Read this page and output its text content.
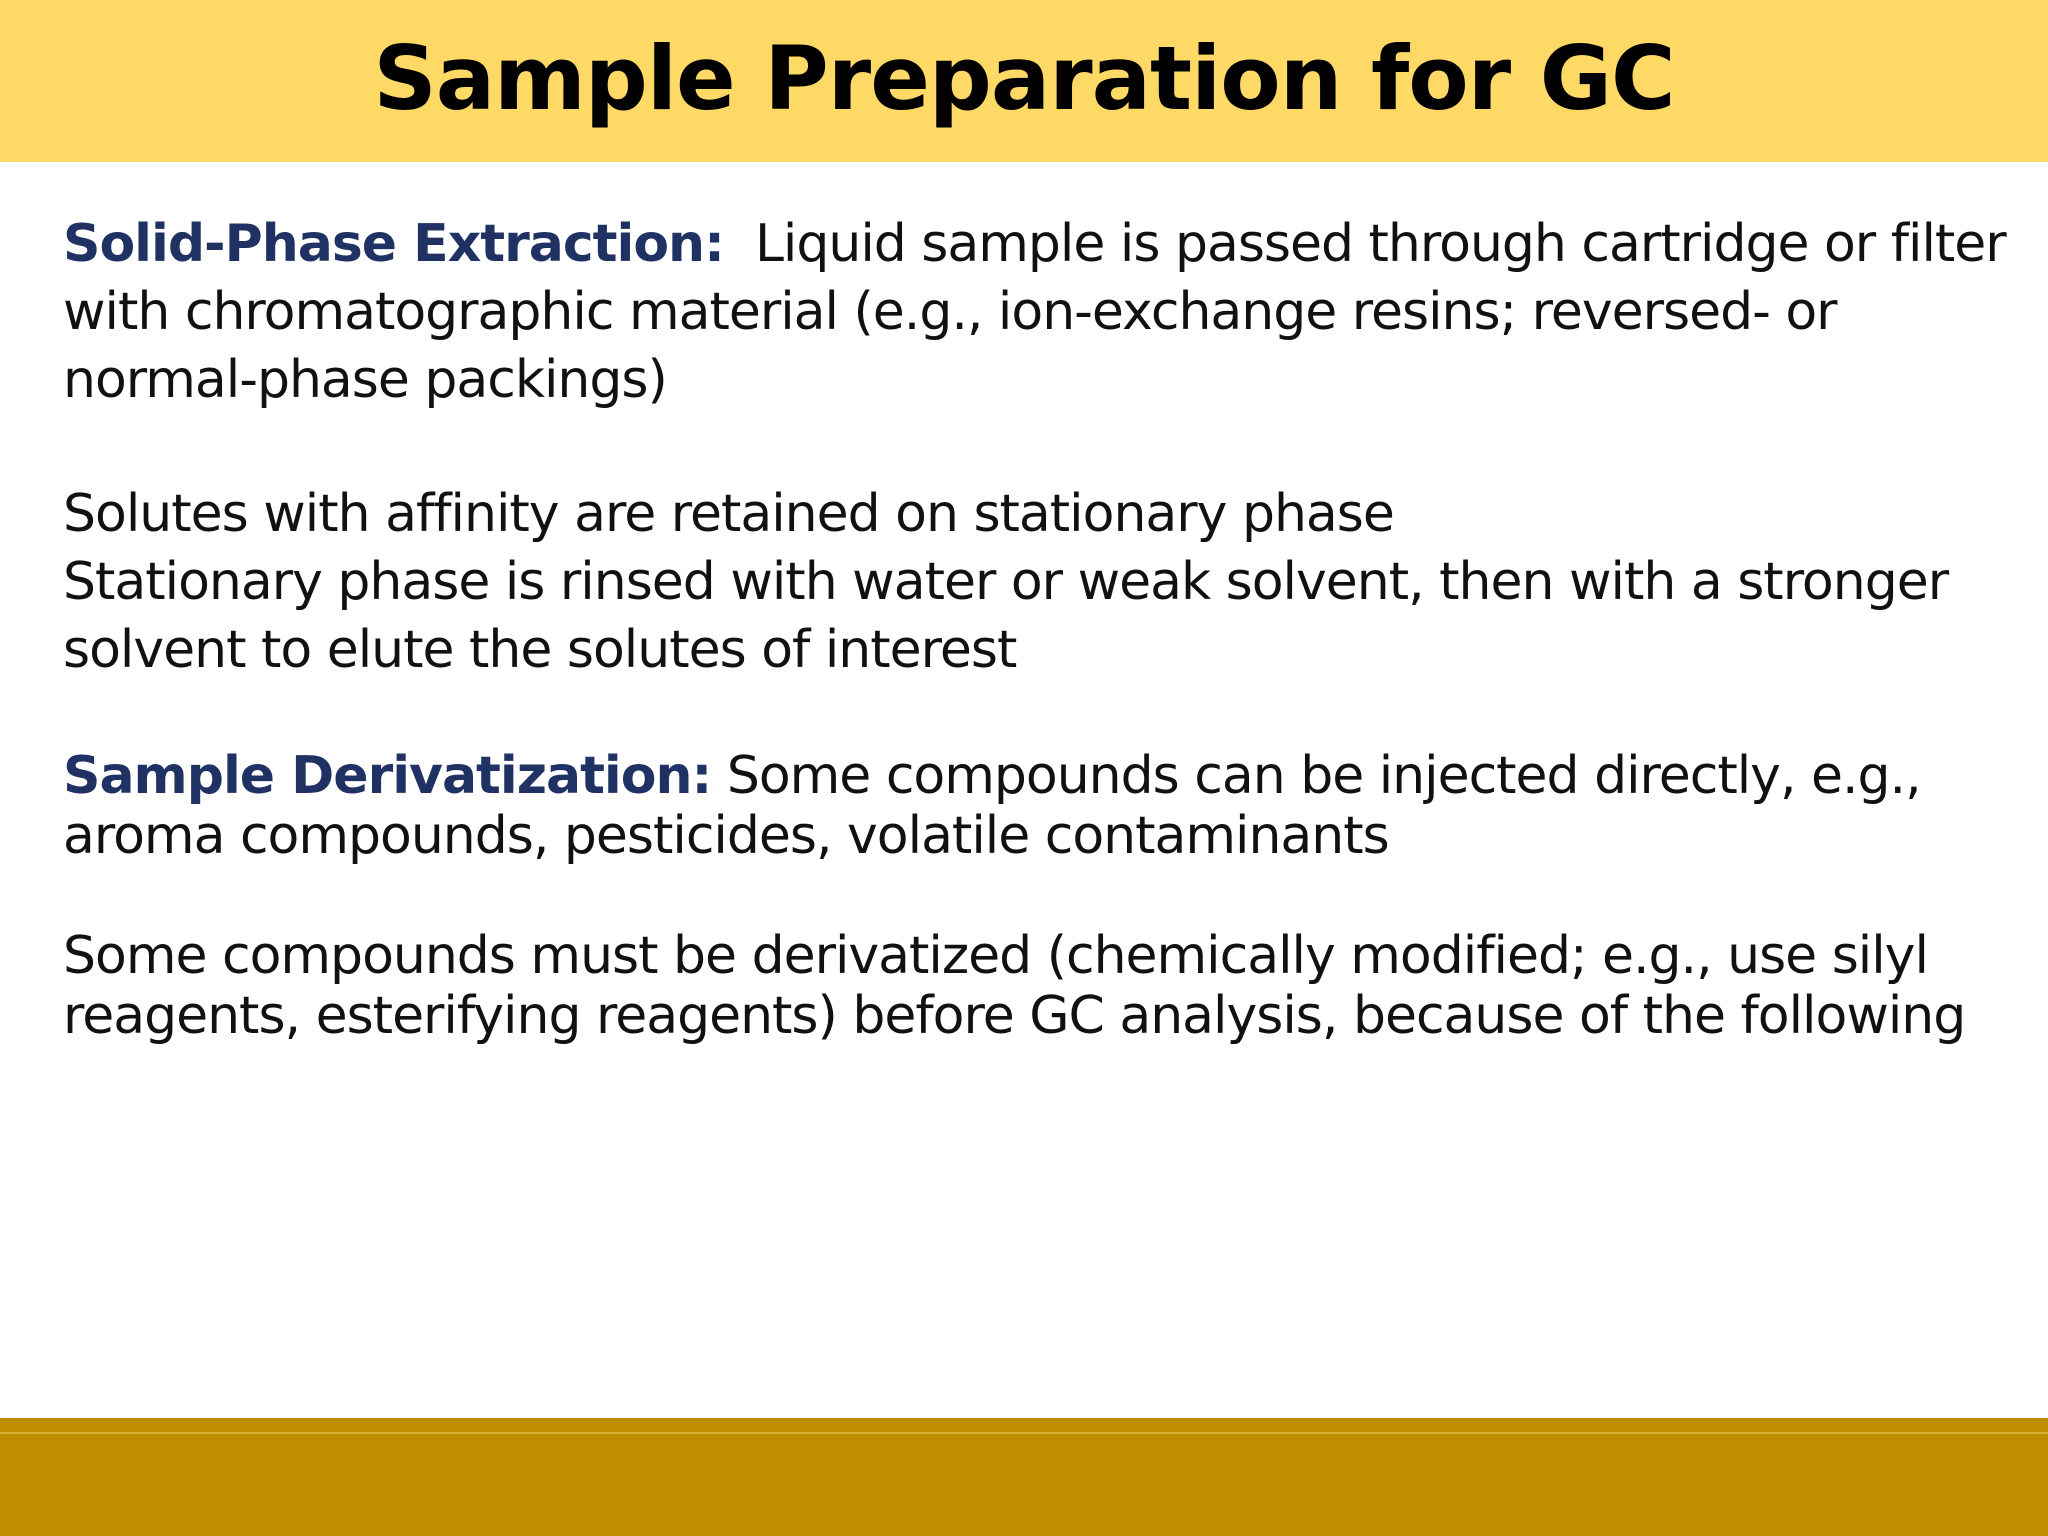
Sample Preparation for GC

Solid-Phase Extraction: Liquid sample is passed through cartridge or filter
with chromatographic material (e.g., ion-exchange resins; reversed- or
normal-phase packings)

Solutes with affinity are retained on stationary phase
Stationary phase is rinsed with water or weak solvent, then with a stronger
solvent to elute the solutes of interest

Sample Derivatization: Some compounds can be injected directly, e.g.,
aroma compounds, pesticides, volatile contaminants

Some compounds must be derivatized (chemically modified; e.g., use silyl
reagents, esterifying reagents) before GC analysis, because of the following
